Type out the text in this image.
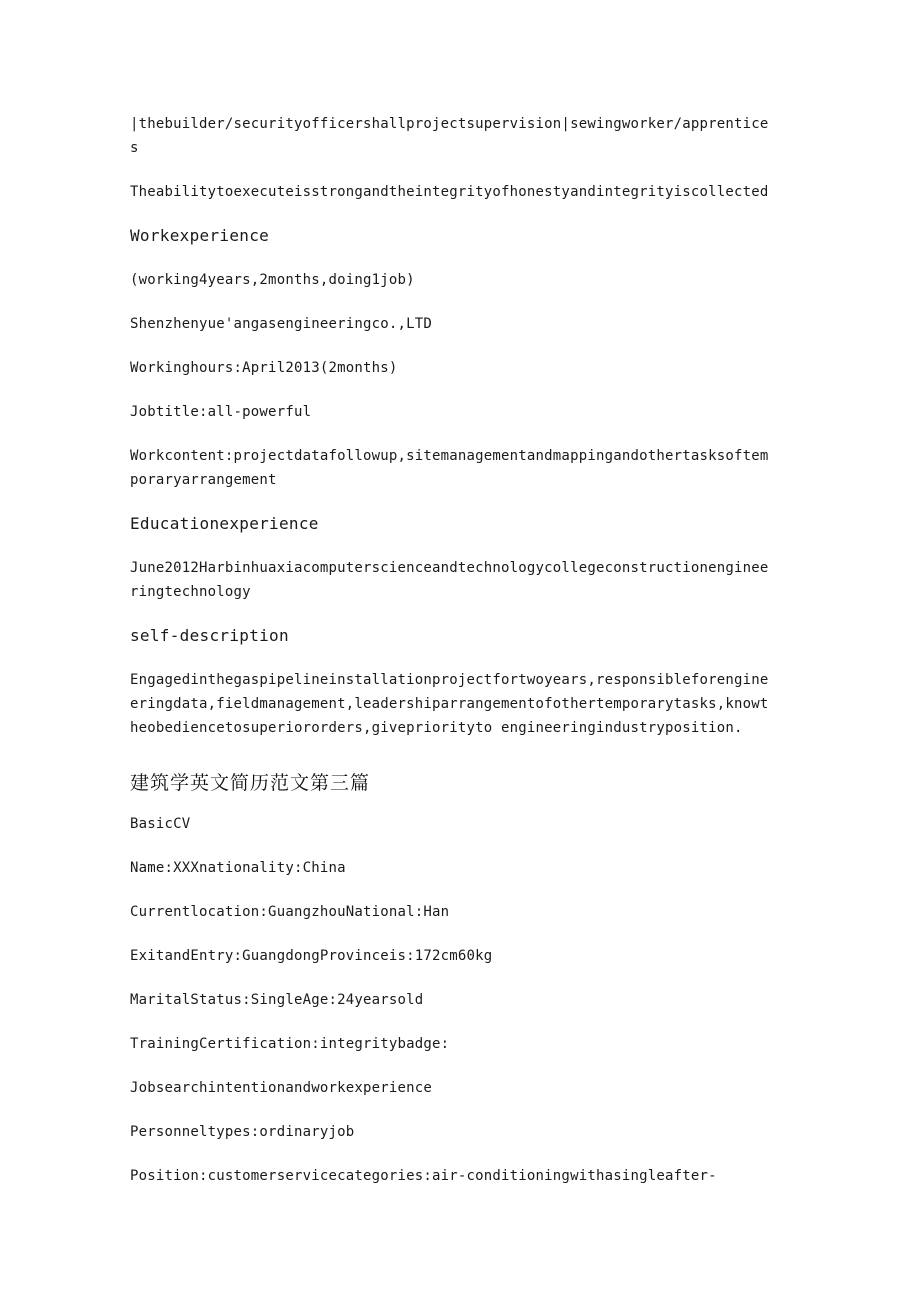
|thebuilder/securityofficershallprojectsupervision|sewingworker/apprentices

Theabilitytoexecuteisstrongandtheintegrityofhonestyandintegrityiscollected

Workexperience

(working4years,2months,doing1job)

Shenzhenyue'angasengineeringco.,LTD

Workinghours:April2013(2months)

Jobtitle:all-powerful

Workcontent:projectdatafollowup,sitemanagementandmappingandothertasksoftemporaryarrangement

Educationexperience

June2012Harbinhuaxiacomputerscienceandtechnologycollegeconstructionengineeringtechnology

self-description

Engagedinthegaspipelineinstallationprojectfortwoyears,responsibleforengineeringdata,fieldmanagement,leadershiparrangementofothertemporarytasks,knowtheobediencetosuperiororders,givepriorityto engineeringindustryposition.

建筑学英文简历范文第三篇

BasicCV

Name:XXXnationality:China

Currentlocation:GuangzhouNational:Han

ExitandEntry:GuangdongProvinceis:172cm60kg

MaritalStatus:SingleAge:24yearsold

TrainingCertification:integritybadge:

Jobsearchintentionandworkexperience

Personneltypes:ordinaryjob

Position:customerservicecategories:air-conditioningwithasingleafter-
